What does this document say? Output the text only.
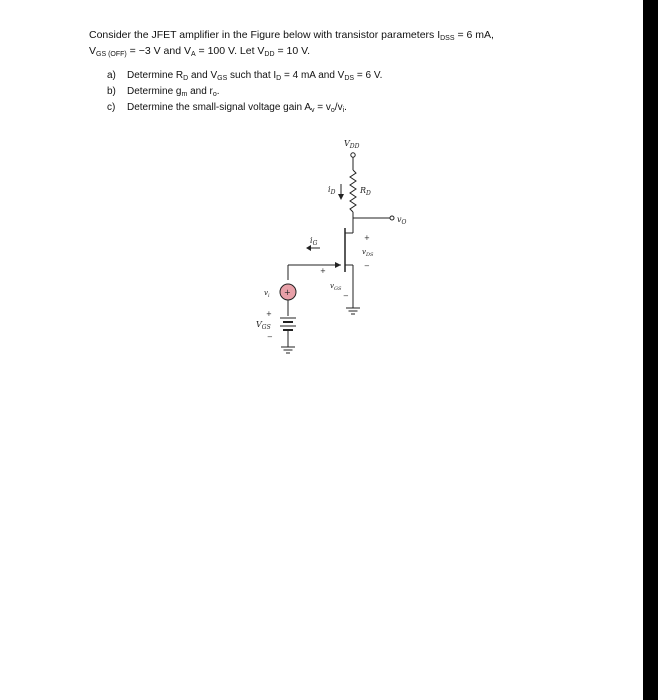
Consider the JFET amplifier in the Figure below with transistor parameters $I_{DSS} = 6$ mA,
$V_{GS (OFF)} = -3$ V and $V_A = 100$ V. Let $V_{DD} = 10$ V.
a) Determine $R_D$ and $V_{GS}$ such that $I_D = 4$ mA and $V_{DS} = 6$ V.
b) Determine $g_m$ and $r_o$.
c) Determine the small-signal voltage gain $A_v = v_o/v_i$.
+
$V_{DD}$
$R_D$
$i_D$
$v_O$
$i_G$
+
$v_{DS}$
−
+
$v_{GS}$
−
$v_i$
+
$V_{GS}$
−
